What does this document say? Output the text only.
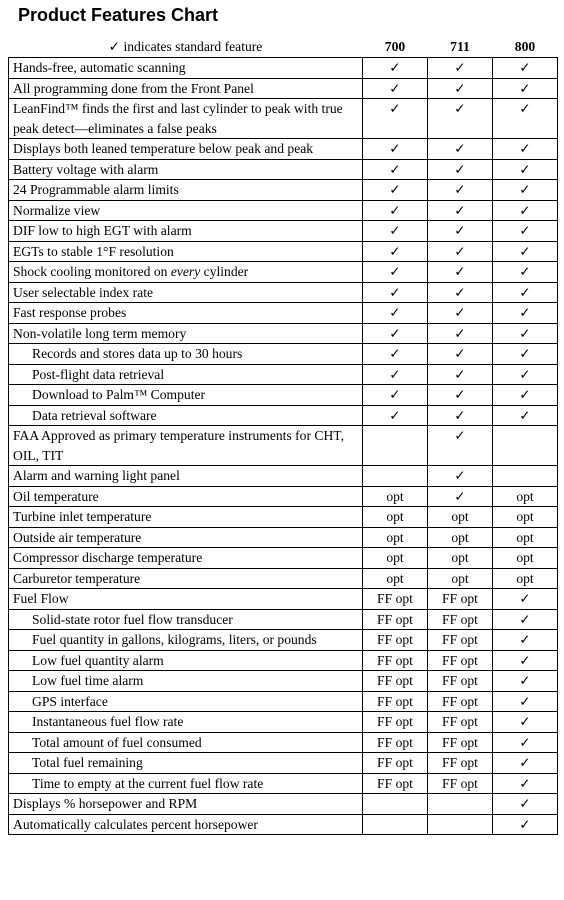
Product Features Chart
✓ indicates standard feature	700	711	800
Hands-free, automatic scanning	✓	✓	✓
All programming done from the Front Panel	✓	✓	✓
LeanFind™ finds the first and last cylinder to peak with true peak detect—eliminates a false peaks	✓	✓	✓
Displays both leaned temperature below peak and peak	✓	✓	✓
Battery voltage with alarm	✓	✓	✓
24 Programmable alarm limits	✓	✓	✓
Normalize view	✓	✓	✓
DIF low to high EGT with alarm	✓	✓	✓
EGTs to stable 1°F resolution	✓	✓	✓
Shock cooling monitored on every cylinder	✓	✓	✓
User selectable index rate	✓	✓	✓
Fast response probes	✓	✓	✓
Non-volatile long term memory	✓	✓	✓
Records and stores data up to 30 hours	✓	✓	✓
Post-flight data retrieval	✓	✓	✓
Download to Palm™ Computer	✓	✓	✓
Data retrieval software	✓	✓	✓
FAA Approved as primary temperature instruments for CHT, OIL, TIT		✓	
Alarm and warning light panel		✓	
Oil temperature	opt	✓	opt
Turbine inlet temperature	opt	opt	opt
Outside air temperature	opt	opt	opt
Compressor discharge temperature	opt	opt	opt
Carburetor temperature	opt	opt	opt
Fuel Flow	FF opt	FF opt	✓
Solid-state rotor fuel flow transducer	FF opt	FF opt	✓
Fuel quantity in gallons, kilograms, liters, or pounds	FF opt	FF opt	✓
Low fuel quantity alarm	FF opt	FF opt	✓
Low fuel time alarm	FF opt	FF opt	✓
GPS interface	FF opt	FF opt	✓
Instantaneous fuel flow rate	FF opt	FF opt	✓
Total amount of fuel consumed	FF opt	FF opt	✓
Total fuel remaining	FF opt	FF opt	✓
Time to empty at the current fuel flow rate	FF opt	FF opt	✓
Displays % horsepower and RPM			✓
Automatically calculates percent horsepower			✓
